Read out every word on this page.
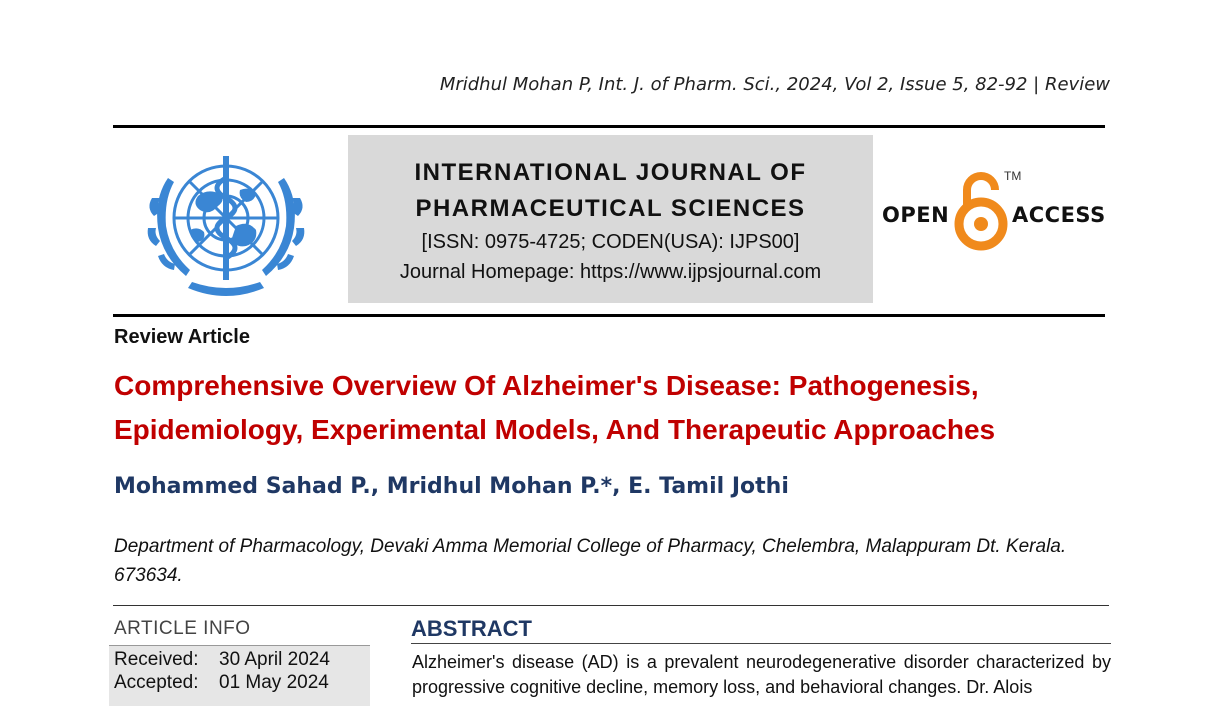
Mridhul Mohan P, Int. J. of Pharm. Sci., 2024, Vol 2, Issue 5, 82-92 | Review
INTERNATIONAL JOURNAL OF
PHARMACEUTICAL SCIENCES
[ISSN: 0975-4725; CODEN(USA): IJPS00]
Journal Homepage: https://www.ijpsjournal.com
OPEN
TM
ACCESS
Review Article
Comprehensive Overview Of Alzheimer's Disease: Pathogenesis, Epidemiology, Experimental Models, And Therapeutic Approaches
Mohammed Sahad P., Mridhul Mohan P.*, E. Tamil Jothi
Department of Pharmacology, Devaki Amma Memorial College of Pharmacy, Chelembra, Malappuram Dt. Kerala. 673634.
ARTICLE INFO
Received: 30 April 2024
Accepted: 01 May 2024
ABSTRACT
Alzheimer's disease (AD) is a prevalent neurodegenerative disorder characterized by progressive cognitive decline, memory loss, and behavioral changes. Dr. Alois
